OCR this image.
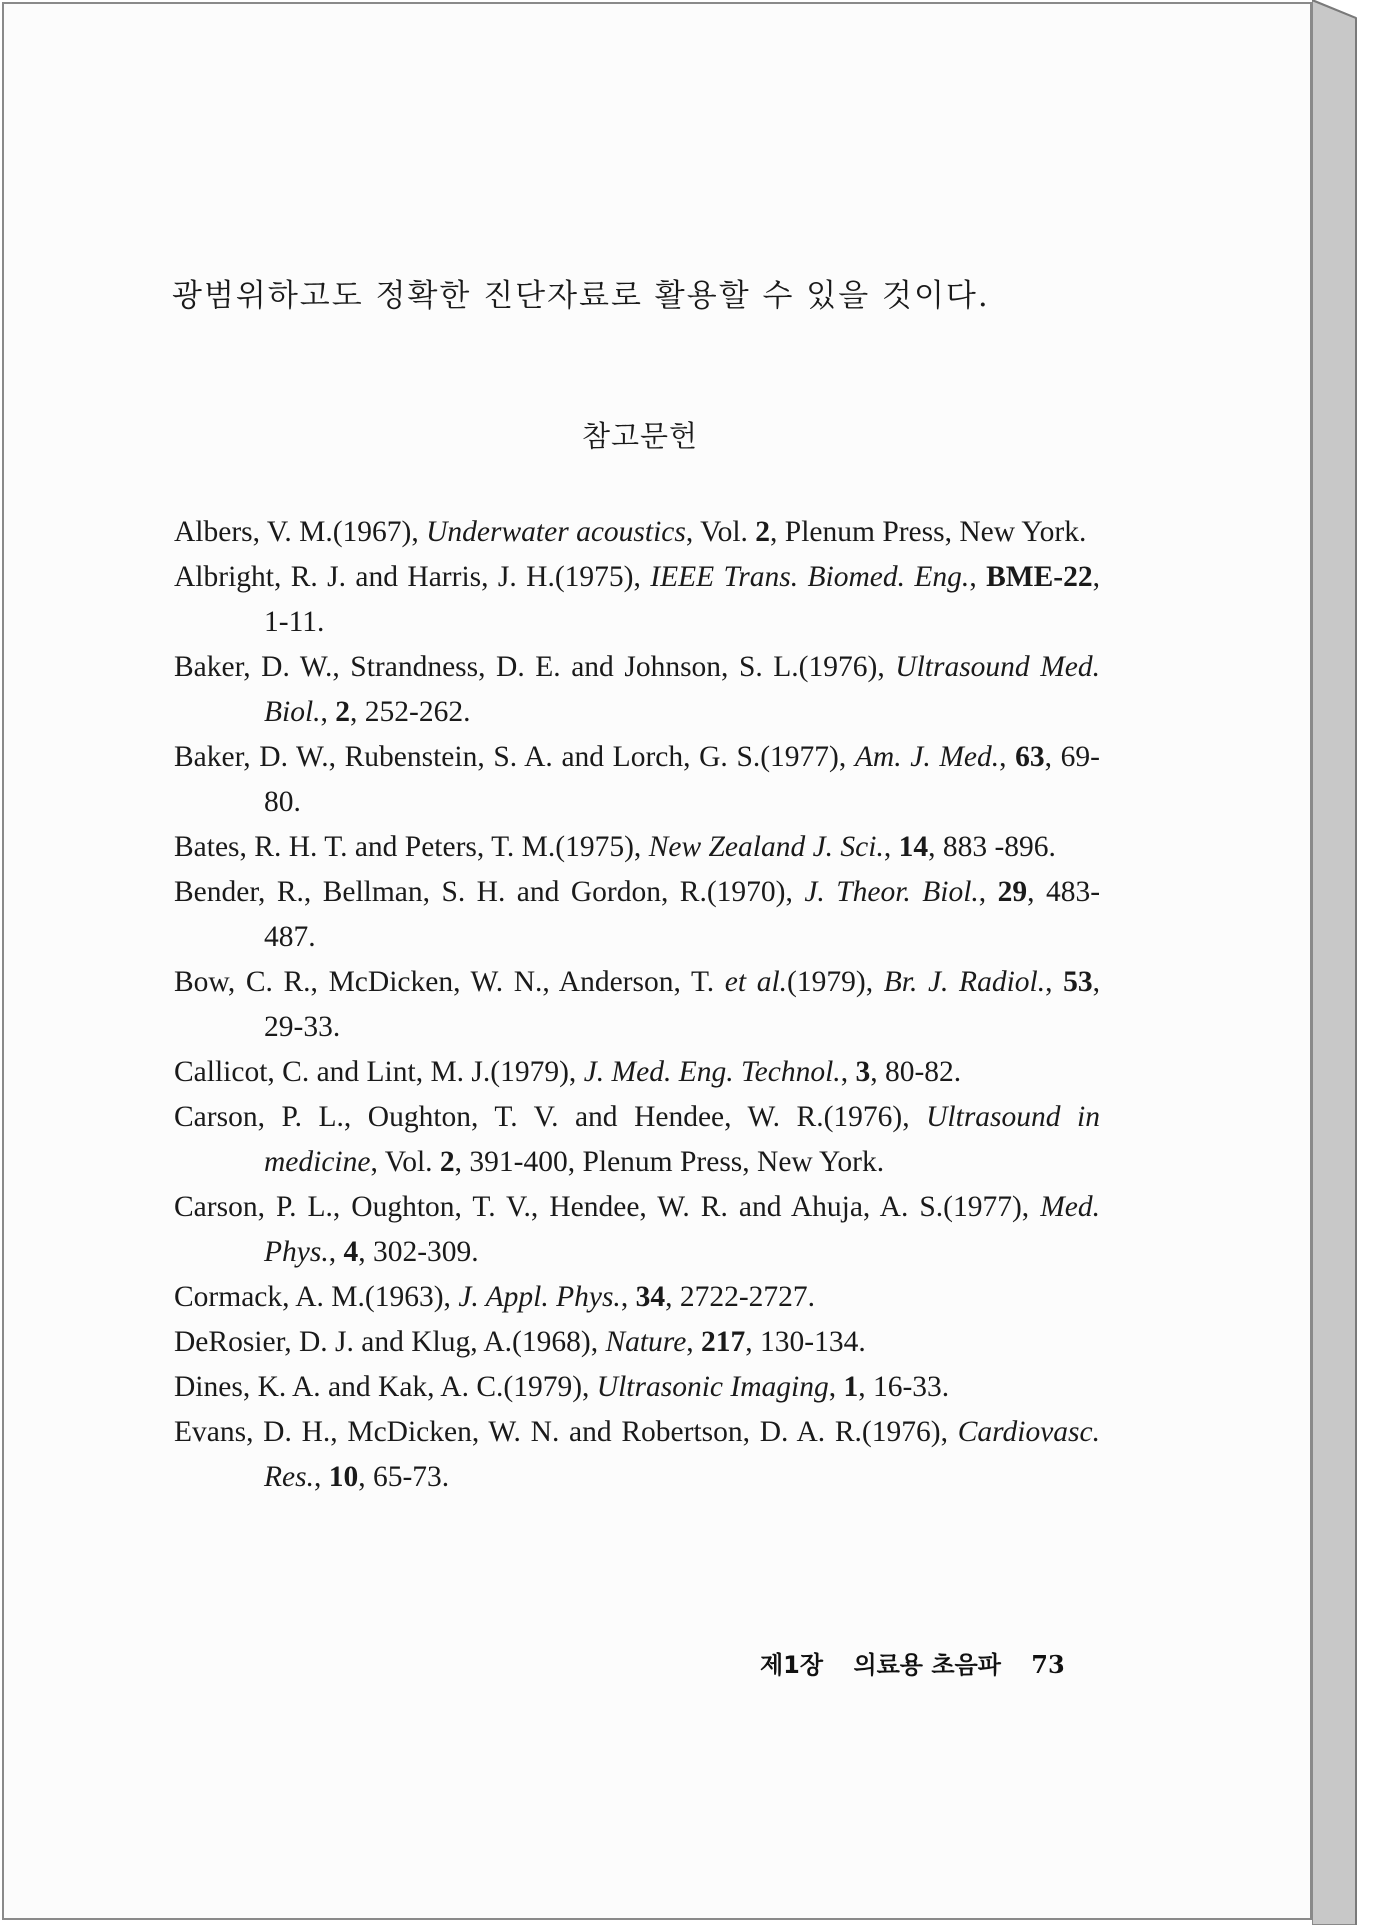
광범위하고도 정확한 진단자료로 활용할 수 있을 것이다.
참고문헌
Albers, V. M.(1967), Underwater acoustics, Vol. 2, Plenum Press, New York.
Albright, R. J. and Harris, J. H.(1975), IEEE Trans. Biomed. Eng., BME-22, 1-11.
Baker, D. W., Strandness, D. E. and Johnson, S. L.(1976), Ultrasound Med. Biol., 2, 252-262.
Baker, D. W., Rubenstein, S. A. and Lorch, G. S.(1977), Am. J. Med., 63, 69-80.
Bates, R. H. T. and Peters, T. M.(1975), New Zealand J. Sci., 14, 883 -896.
Bender, R., Bellman, S. H. and Gordon, R.(1970), J. Theor. Biol., 29, 483-487.
Bow, C. R., McDicken, W. N., Anderson, T. et al.(1979), Br. J. Radiol., 53, 29-33.
Callicot, C. and Lint, M. J.(1979), J. Med. Eng. Technol., 3, 80-82.
Carson, P. L., Oughton, T. V. and Hendee, W. R.(1976), Ultrasound in medicine, Vol. 2, 391-400, Plenum Press, New York.
Carson, P. L., Oughton, T. V., Hendee, W. R. and Ahuja, A. S.(1977), Med. Phys., 4, 302-309.
Cormack, A. M.(1963), J. Appl. Phys., 34, 2722-2727.
DeRosier, D. J. and Klug, A.(1968), Nature, 217, 130-134.
Dines, K. A. and Kak, A. C.(1979), Ultrasonic Imaging, 1, 16-33.
Evans, D. H., McDicken, W. N. and Robertson, D. A. R.(1976), Cardiovasc. Res., 10, 65-73.
제1장 의료용 초음파 73
